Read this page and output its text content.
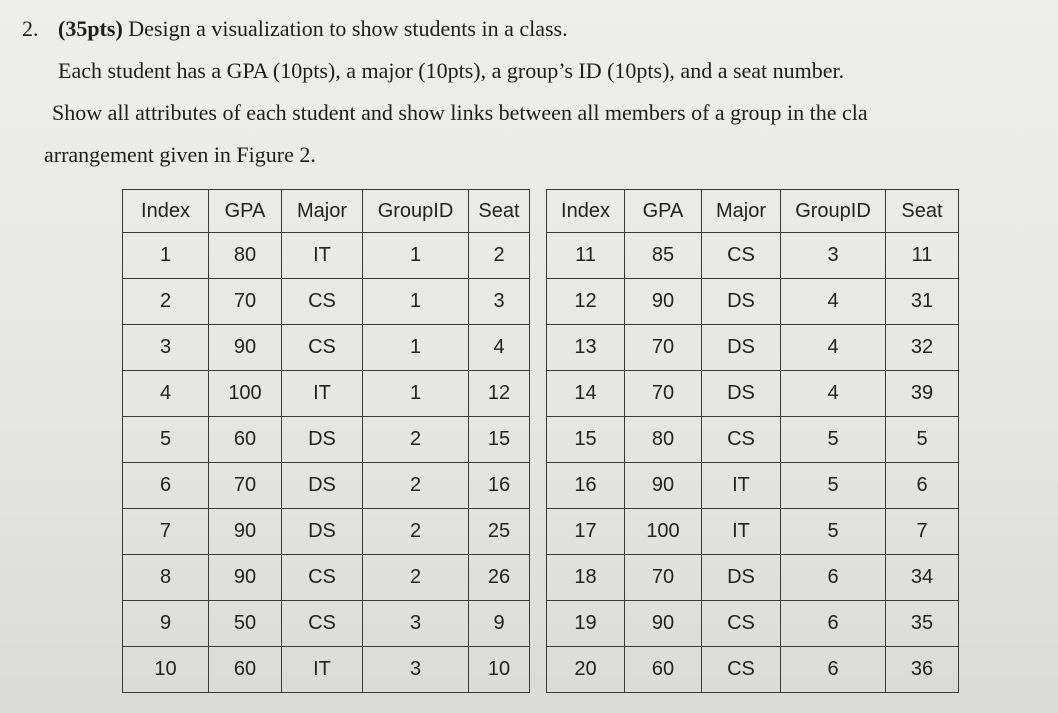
2. (35pts) Design a visualization to show students in a class.
Each student has a GPA (10pts), a major (10pts), a group’s ID (10pts), and a seat number.
Show all attributes of each student and show links between all members of a group in the cla
arrangement given in Figure 2.
Index	GPA	Major	GroupID	Seat
1	80	IT	1	2
2	70	CS	1	3
3	90	CS	1	4
4	100	IT	1	12
5	60	DS	2	15
6	70	DS	2	16
7	90	DS	2	25
8	90	CS	2	26
9	50	CS	3	9
10	60	IT	3	10
Index	GPA	Major	GroupID	Seat
11	85	CS	3	11
12	90	DS	4	31
13	70	DS	4	32
14	70	DS	4	39
15	80	CS	5	5
16	90	IT	5	6
17	100	IT	5	7
18	70	DS	6	34
19	90	CS	6	35
20	60	CS	6	36
